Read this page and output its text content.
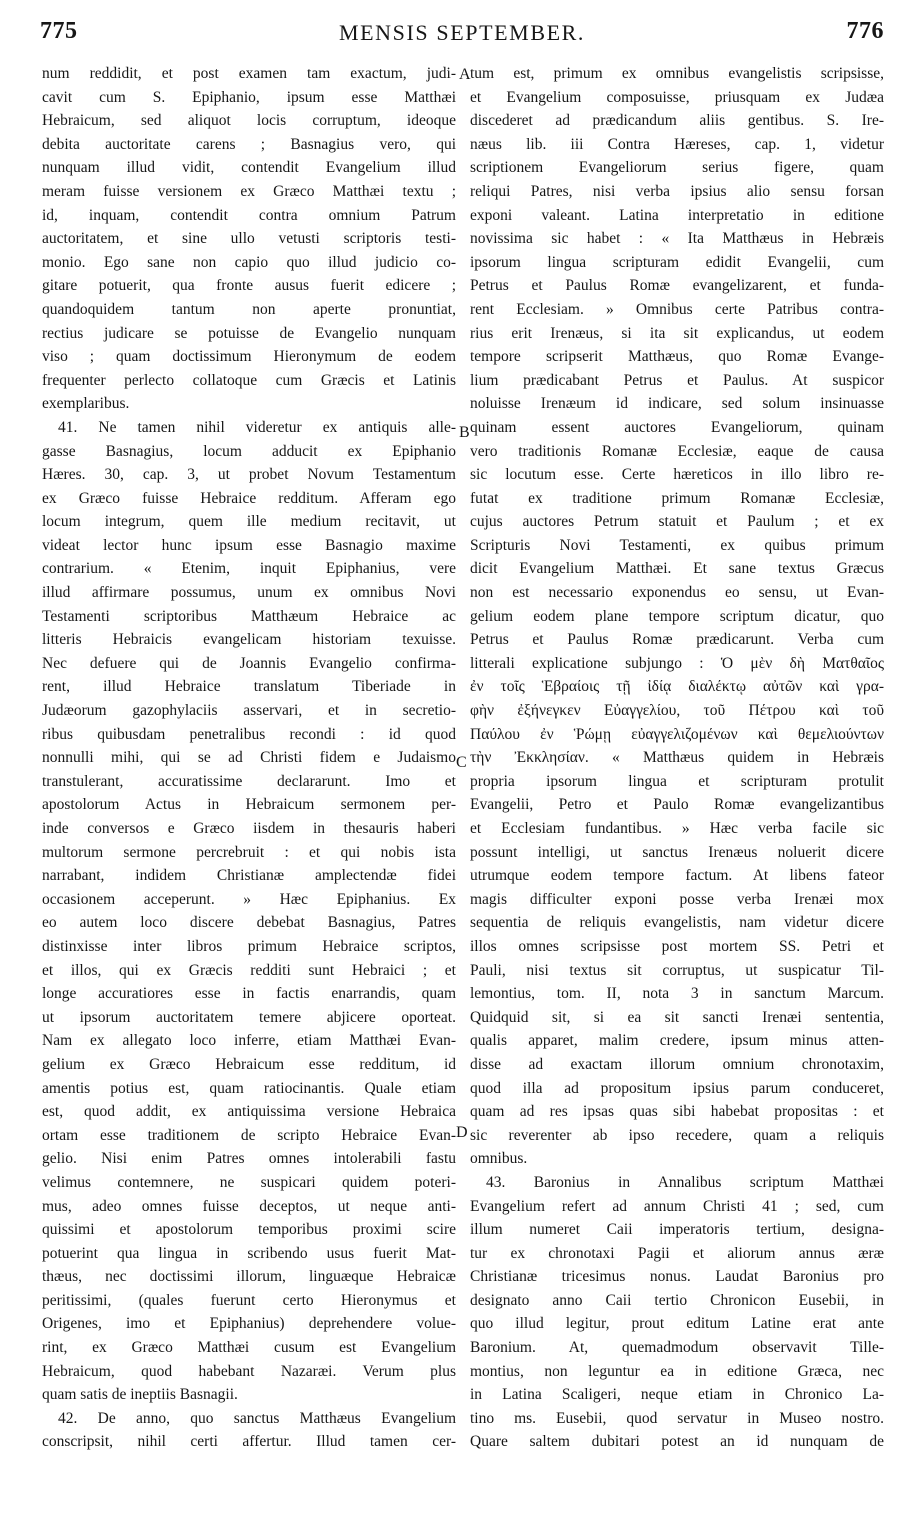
775	MENSIS SEPTEMBER.	776
num reddidit, et post examen tam exactum, judi-
cavit cum S. Epiphanio, ipsum esse Matthæi
Hebraicum, sed aliquot locis corruptum, ideoque
debita auctoritate carens ; Basnagius vero, qui
nunquam illud vidit, contendit Evangelium illud
meram fuisse versionem ex Græco Matthæi textu ;
id, inquam, contendit contra omnium Patrum
auctoritatem, et sine ullo vetusti scriptoris testi-
monio. Ego sane non capio quo illud judicio co-
gitare potuerit, qua fronte ausus fuerit edicere ;
quandoquidem tantum non aperte pronuntiat,
rectius judicare se potuisse de Evangelio nunquam
viso ; quam doctissimum Hieronymum de eodem
frequenter perlecto collatoque cum Græcis et Latinis
exemplaribus.
41. Ne tamen nihil videretur ex antiquis alle-
gasse Basnagius, locum adducit ex Epiphanio
Hæres. 30, cap. 3, ut probet Novum Testamentum
ex Græco fuisse Hebraice redditum. Afferam ego
locum integrum, quem ille medium recitavit, ut
videat lector hunc ipsum esse Basnagio maxime
contrarium. « Etenim, inquit Epiphanius, vere
illud affirmare possumus, unum ex omnibus Novi
Testamenti scriptoribus Matthæum Hebraice ac
litteris Hebraicis evangelicam historiam texuisse.
Nec defuere qui de Joannis Evangelio confirma-
rent, illud Hebraice translatum Tiberiade in
Judæorum gazophylaciis asservari, et in secretio-
ribus quibusdam penetralibus recondi : id quod
nonnulli mihi, qui se ad Christi fidem e Judaismo
transtulerant, accuratissime declararunt. Imo et
apostolorum Actus in Hebraicum sermonem per-
inde conversos e Græco iisdem in thesauris haberi
multorum sermone percrebruit : et qui nobis ista
narrabant, indidem Christianæ amplectendæ fidei
occasionem acceperunt. » Hæc Epiphanius. Ex
eo autem loco discere debebat Basnagius, Patres
distinxisse inter libros primum Hebraice scriptos,
et illos, qui ex Græcis redditi sunt Hebraici ; et
longe accuratiores esse in factis enarrandis, quam
ut ipsorum auctoritatem temere abjicere oporteat.
Nam ex allegato loco inferre, etiam Matthæi Evan-
gelium ex Græco Hebraicum esse redditum, id
amentis potius est, quam ratiocinantis. Quale etiam
est, quod addit, ex antiquissima versione Hebraica
ortam esse traditionem de scripto Hebraice Evan-
gelio. Nisi enim Patres omnes intolerabili fastu
velimus contemnere, ne suspicari quidem poteri-
mus, adeo omnes fuisse deceptos, ut neque anti-
quissimi et apostolorum temporibus proximi scire
potuerint qua lingua in scribendo usus fuerit Mat-
thæus, nec doctissimi illorum, linguæque Hebraicæ
peritissimi, (quales fuerunt certo Hieronymus et
Origenes, imo et Epiphanius) deprehendere volue-
rint, ex Græco Matthæi cusum est Evangelium
Hebraicum, quod habebant Nazaræi. Verum plus
quam satis de ineptiis Basnagii.
42. De anno, quo sanctus Matthæus Evangelium
conscripsit, nihil certi affertur. Illud tamen cer-
tum est, primum ex omnibus evangelistis scripsisse,
et Evangelium composuisse, priusquam ex Judæa
discederet ad prædicandum aliis gentibus. S. Ire-
næus lib. iii Contra Hæreses, cap. 1, videtur
scriptionem Evangeliorum serius figere, quam
reliqui Patres, nisi verba ipsius alio sensu forsan
exponi valeant. Latina interpretatio in editione
novissima sic habet : « Ita Matthæus in Hebræis
ipsorum lingua scripturam edidit Evangelii, cum
Petrus et Paulus Romæ evangelizarent, et funda-
rent Ecclesiam. » Omnibus certe Patribus contra-
rius erit Irenæus, si ita sit explicandus, ut eodem
tempore scripserit Matthæus, quo Romæ Evange-
lium prædicabant Petrus et Paulus. At suspicor
noluisse Irenæum id indicare, sed solum insinuasse
quinam essent auctores Evangeliorum, quinam
vero traditionis Romanæ Ecclesiæ, eaque de causa
sic locutum esse. Certe hæreticos in illo libro re-
futat ex traditione primum Romanæ Ecclesiæ,
cujus auctores Petrum statuit et Paulum ; et ex
Scripturis Novi Testamenti, ex quibus primum
dicit Evangelium Matthæi. Et sane textus Græcus
non est necessario exponendus eo sensu, ut Evan-
gelium eodem plane tempore scriptum dicatur, quo
Petrus et Paulus Romæ prædicarunt. Verba cum
litterali explicatione subjungo : Ὁ μὲν δὴ Ματθαῖος
ἐν τοῖς Ἑβραίοις τῇ ἰδίᾳ διαλέκτῳ αὐτῶν καὶ γρα-
φὴν ἐξήνεγκεν Εὐαγγελίου, τοῦ Πέτρου καὶ τοῦ
Παύλου ἐν Ῥώμῃ εὐαγγελιζομένων καὶ θεμελιούντων
τὴν Ἐκκλησίαν. « Matthæus quidem in Hebræis
propria ipsorum lingua et scripturam protulit
Evangelii, Petro et Paulo Romæ evangelizantibus
et Ecclesiam fundantibus. » Hæc verba facile sic
possunt intelligi, ut sanctus Irenæus noluerit dicere
utrumque eodem tempore factum. At libens fateor
magis difficulter exponi posse verba Irenæi mox
sequentia de reliquis evangelistis, nam videtur dicere
illos omnes scripsisse post mortem SS. Petri et
Pauli, nisi textus sit corruptus, ut suspicatur Til-
lemontius, tom. II, nota 3 in sanctum Marcum.
Quidquid sit, si ea sit sancti Irenæi sententia,
qualis apparet, malim credere, ipsum minus atten-
disse ad exactam illorum omnium chronotaxim,
quod illa ad propositum ipsius parum conduceret,
quam ad res ipsas quas sibi habebat propositas : et
sic reverenter ab ipso recedere, quam a reliquis
omnibus.
43. Baronius in Annalibus scriptum Matthæi
Evangelium refert ad annum Christi 41 ; sed, cum
illum numeret Caii imperatoris tertium, designa-
tur ex chronotaxi Pagii et aliorum annus æræ
Christianæ tricesimus nonus. Laudat Baronius pro
designato anno Caii tertio Chronicon Eusebii, in
quo illud legitur, prout editum Latine erat ante
Baronium. At, quemadmodum observavit Tille-
montius, non leguntur ea in editione Græca, nec
in Latina Scaligeri, neque etiam in Chronico La-
tino ms. Eusebii, quod servatur in Museo nostro.
Quare saltem dubitari potest an id nunquam de
A
B
C
D
